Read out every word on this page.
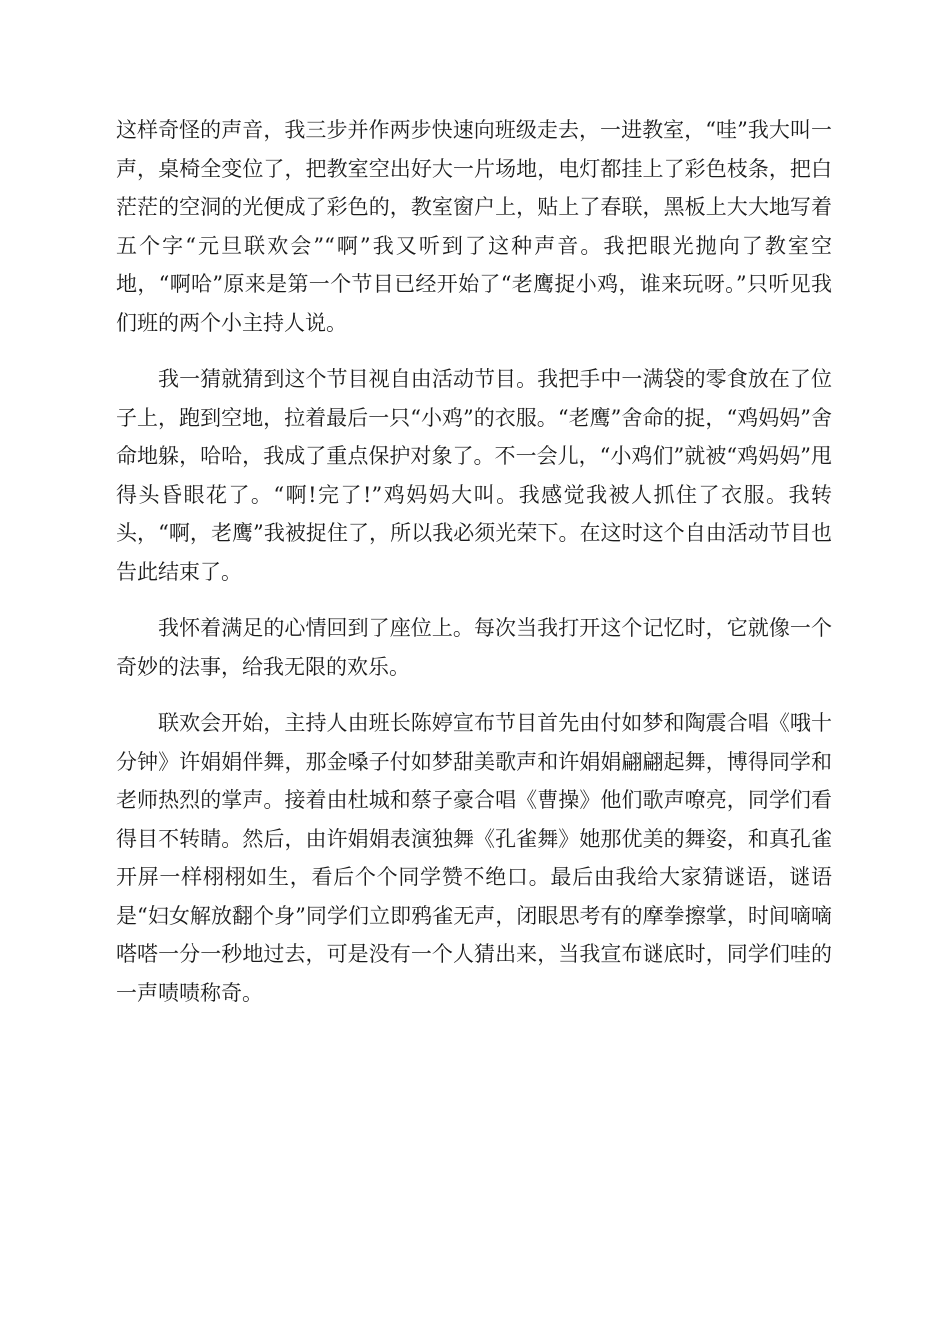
这样奇怪的声音，我三步并作两步快速向班级走去，一进教室，“哇”我大叫一声，桌椅全变位了，把教室空出好大一片场地，电灯都挂上了彩色枝条，把白茫茫的空洞的光便成了彩色的，教室窗户上，贴上了春联，黑板上大大地写着五个字“元旦联欢会”“啊”我又听到了这种声音。我把眼光抛向了教室空地，“啊哈”原来是第一个节目已经开始了“老鹰捉小鸡，谁来玩呀。”只听见我们班的两个小主持人说。

我一猜就猜到这个节目视自由活动节目。我把手中一满袋的零食放在了位子上，跑到空地，拉着最后一只“小鸡”的衣服。“老鹰”舍命的捉，“鸡妈妈”舍命地躲，哈哈，我成了重点保护对象了。不一会儿，“小鸡们”就被“鸡妈妈”甩得头昏眼花了。“啊!完了!”鸡妈妈大叫。我感觉我被人抓住了衣服。我转头，“啊，老鹰”我被捉住了，所以我必须光荣下。在这时这个自由活动节目也告此结束了。

我怀着满足的心情回到了座位上。每次当我打开这个记忆时，它就像一个奇妙的法事，给我无限的欢乐。

联欢会开始，主持人由班长陈婷宣布节目首先由付如梦和陶震合唱《哦十分钟》许娟娟伴舞，那金嗓子付如梦甜美歌声和许娟娟翩翩起舞，博得同学和老师热烈的掌声。接着由杜城和蔡子豪合唱《曹操》他们歌声嘹亮，同学们看得目不转睛。然后，由许娟娟表演独舞《孔雀舞》她那优美的舞姿，和真孔雀开屏一样栩栩如生，看后个个同学赞不绝口。最后由我给大家猜谜语，谜语是“妇女解放翻个身”同学们立即鸦雀无声，闭眼思考有的摩拳擦掌，时间嘀嘀嗒嗒一分一秒地过去，可是没有一个人猜出来，当我宣布谜底时，同学们哇的一声啧啧称奇。
